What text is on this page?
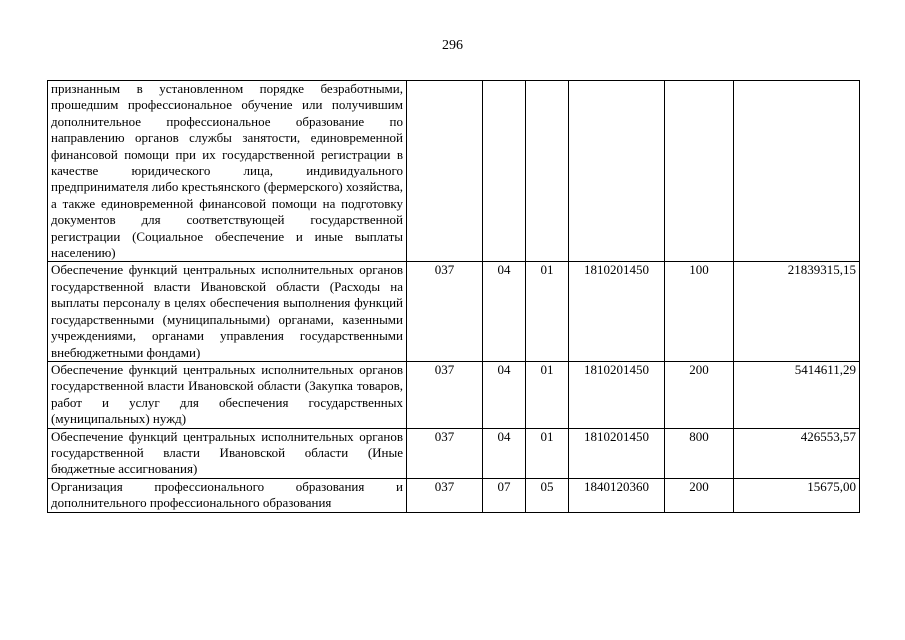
296
признанным в установленном порядке безработными, прошедшим профессиональное обучение или получившим дополнительное профессиональное образование по направлению органов службы занятости, единовременной финансовой помощи при их государственной регистрации в качестве юридического лица, индивидуального предпринимателя либо крестьянского (фермерского) хозяйства, а также единовременной финансовой помощи на подготовку документов для соответствующей государственной регистрации (Социальное обеспечение и иные выплаты населению)						
Обеспечение функций центральных исполнительных органов государственной власти Ивановской области (Расходы на выплаты персоналу в целях обеспечения выполнения функций государственными (муниципальными) органами, казенными учреждениями, органами управления государственными внебюджетными фондами)	037	04	01	1810201450	100	21839315,15
Обеспечение функций центральных исполнительных органов государственной власти Ивановской области (Закупка товаров, работ и услуг для обеспечения государственных (муниципальных) нужд)	037	04	01	1810201450	200	5414611,29
Обеспечение функций центральных исполнительных органов государственной власти Ивановской области (Иные бюджетные ассигнования)	037	04	01	1810201450	800	426553,57
Организация профессионального образования и дополнительного профессионального образования	037	07	05	1840120360	200	15675,00
